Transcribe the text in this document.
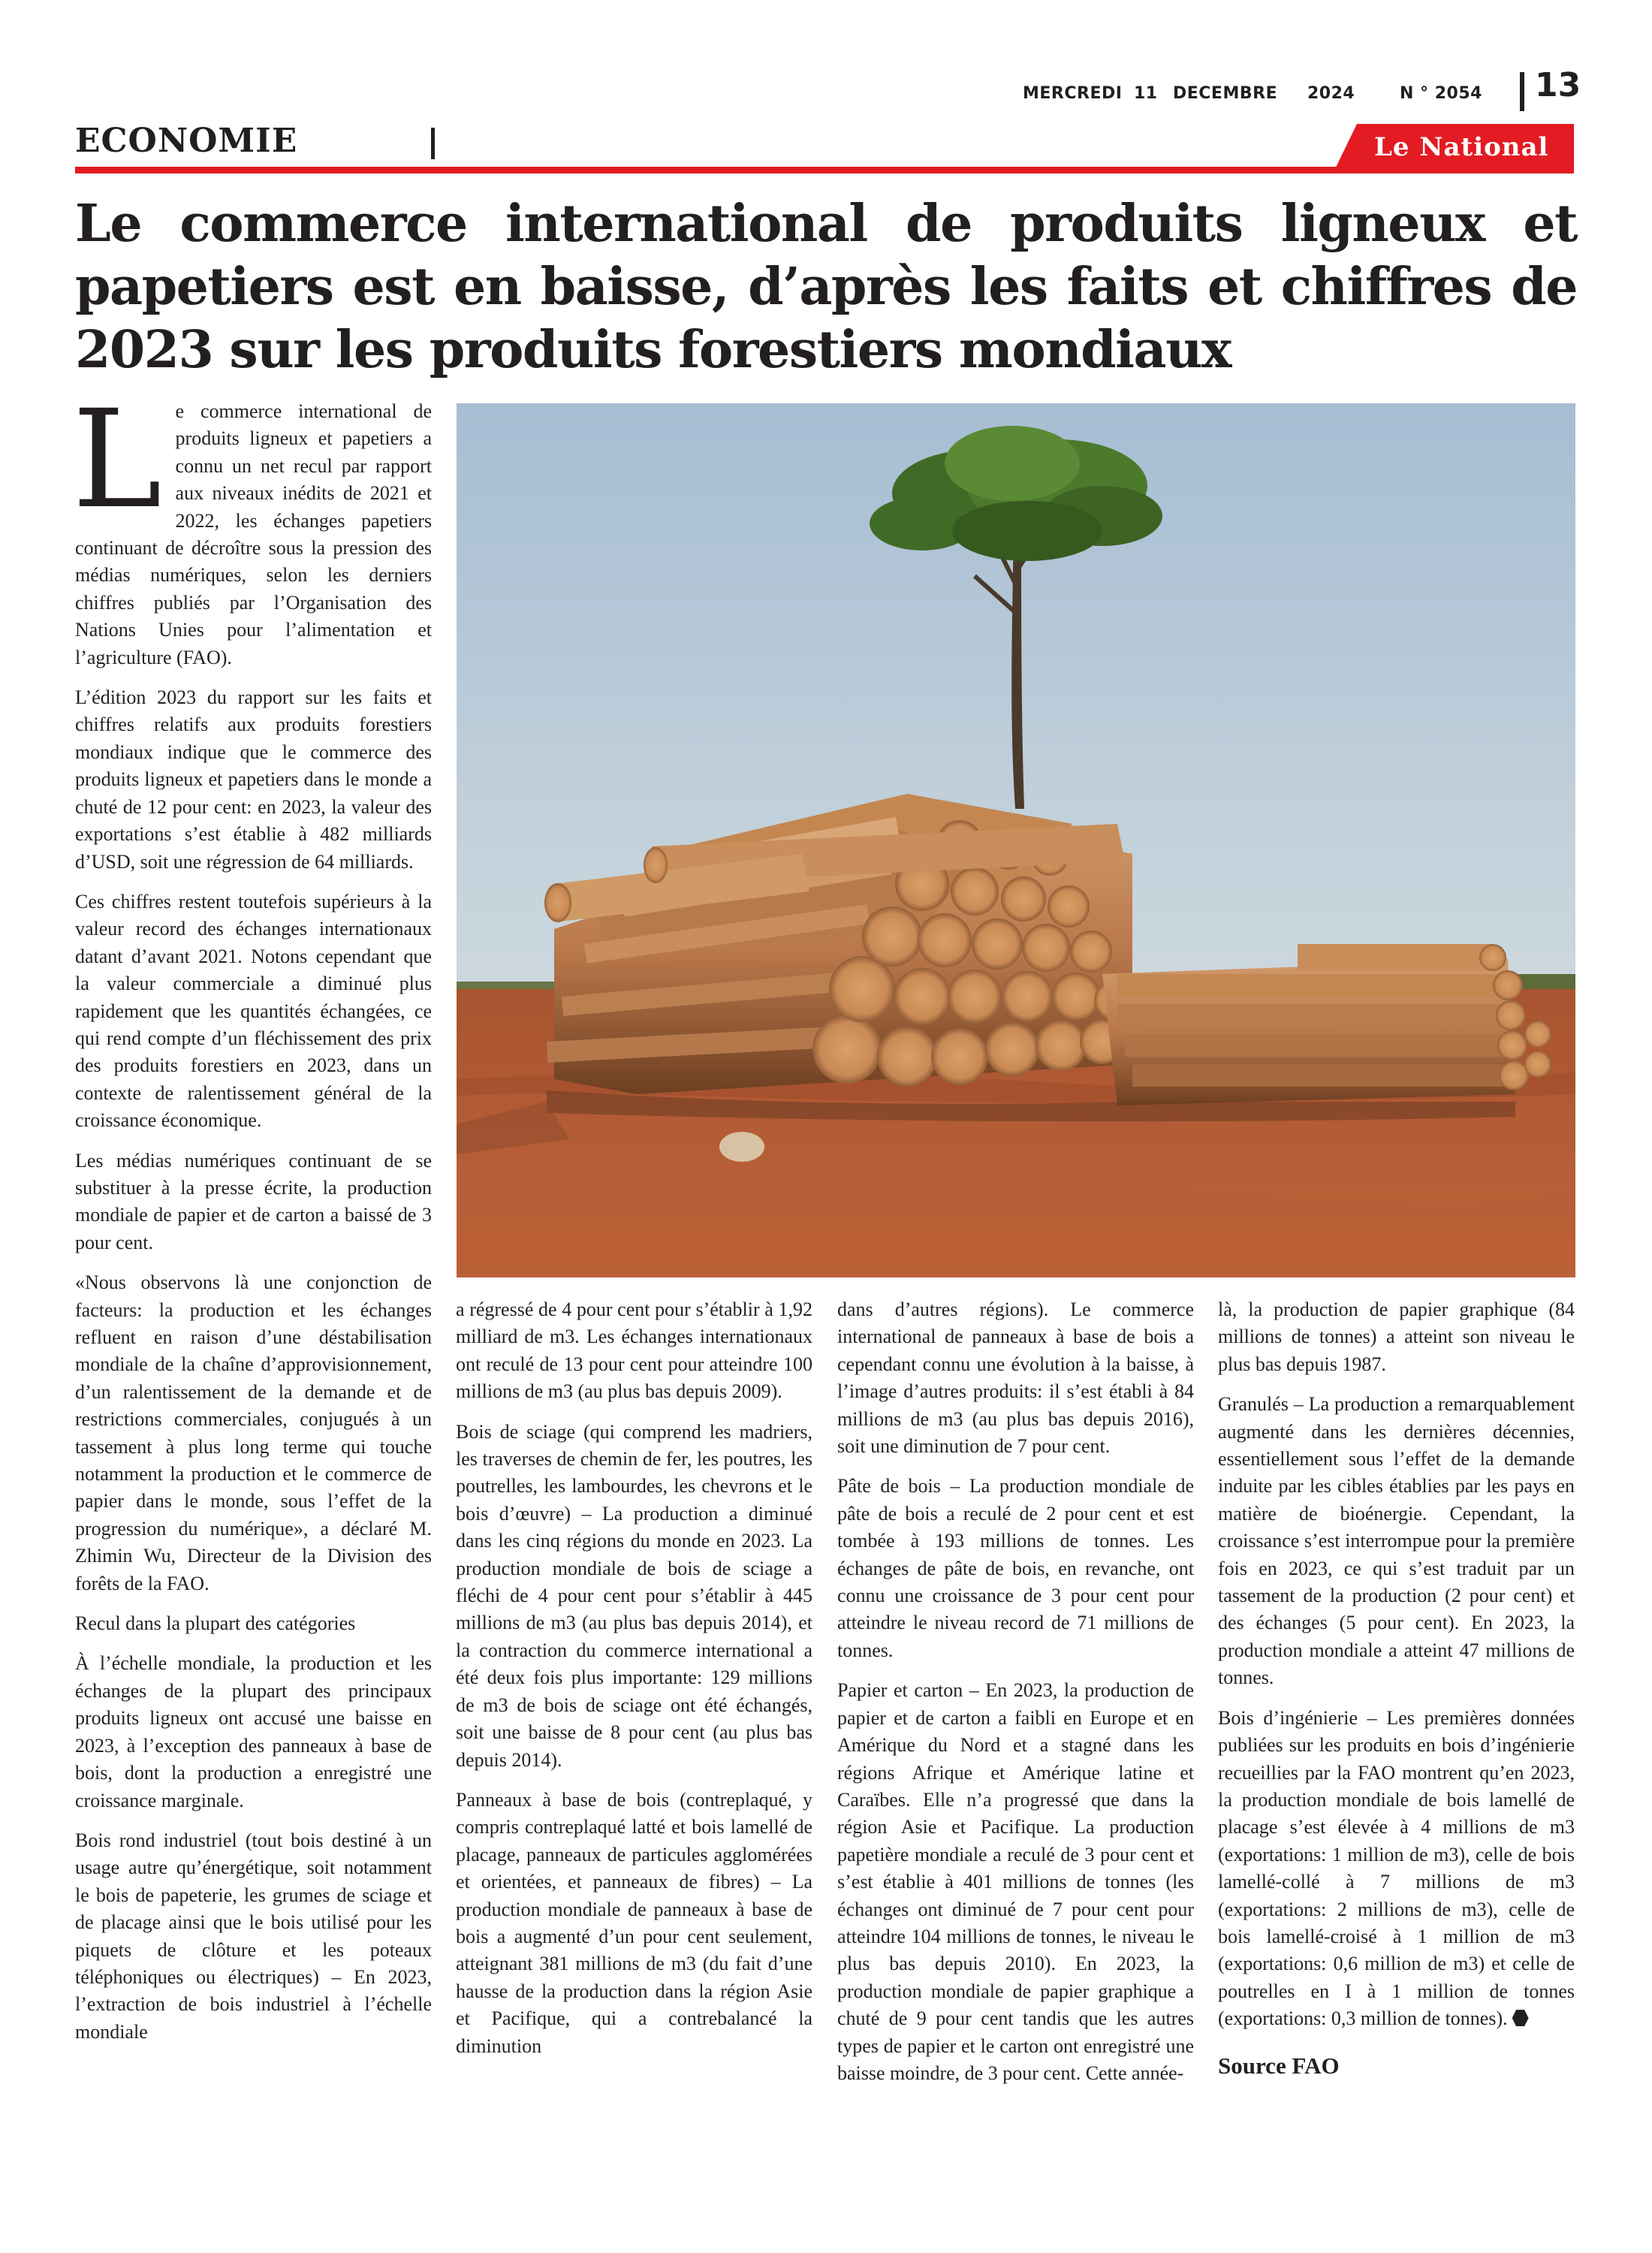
MERCREDI 11 DECEMBRE 2024	N ° 2054 13
ECONOMIE	Le National
Le commerce international de produits ligneux et papetiers est en baisse, d’après les faits et chiffres de 2023 sur les produits forestiers mondiaux

Le commerce international de produits ligneux et papetiers a connu un net recul par rapport aux niveaux inédits de 2021 et 2022, les échanges papetiers continuant de décroître sous la pression des médias numériques, selon les derniers chiffres publiés par l’Organisation des Nations Unies pour l’alimentation et l’agriculture (FAO).

L’édition 2023 du rapport sur les faits et chiffres relatifs aux produits forestiers mondiaux indique que le commerce des produits ligneux et papetiers dans le monde a chuté de 12 pour cent: en 2023, la valeur des exportations s’est établie à 482 milliards d’USD, soit une régression de 64 milliards.

Ces chiffres restent toutefois supérieurs à la valeur record des échanges internationaux datant d’avant 2021. Notons cependant que la valeur commerciale a diminué plus rapidement que les quantités échangées, ce qui rend compte d’un fléchissement des prix des produits forestiers en 2023, dans un contexte de ralentissement général de la croissance économique.

Les médias numériques continuant de se substituer à la presse écrite, la production mondiale de papier et de carton a baissé de 3 pour cent.

«Nous observons là une conjonction de facteurs: la production et les échanges refluent en raison d’une déstabilisation mondiale de la chaîne d’approvisionnement, d’un ralentissement de la demande et de restrictions commerciales, conjugués à un tassement à plus long terme qui touche notamment la production et le commerce de papier dans le monde, sous l’effet de la progression du numérique», a déclaré M. Zhimin Wu, Directeur de la Division des forêts de la FAO.

Recul dans la plupart des catégories

À l’échelle mondiale, la production et les échanges de la plupart des principaux produits ligneux ont accusé une baisse en 2023, à l’exception des panneaux à base de bois, dont la production a enregistré une croissance marginale.

Bois rond industriel (tout bois destiné à un usage autre qu’énergétique, soit notamment le bois de papeterie, les grumes de sciage et de placage ainsi que le bois utilisé pour les piquets de clôture et les poteaux téléphoniques ou électriques) – En 2023, l’extraction de bois industriel à l’échelle mondiale

a régressé de 4 pour cent pour s’établir à 1,92 milliard de m3. Les échanges internationaux ont reculé de 13 pour cent pour atteindre 100 millions de m3 (au plus bas depuis 2009).

Bois de sciage (qui comprend les madriers, les traverses de chemin de fer, les poutres, les poutrelles, les lambourdes, les chevrons et le bois d’œuvre) – La production a diminué dans les cinq régions du monde en 2023. La production mondiale de bois de sciage a fléchi de 4 pour cent pour s’établir à 445 millions de m3 (au plus bas depuis 2014), et la contraction du commerce international a été deux fois plus importante: 129 millions de m3 de bois de sciage ont été échangés, soit une baisse de 8 pour cent (au plus bas depuis 2014).

Panneaux à base de bois (contreplaqué, y compris contreplaqué latté et bois lamellé de placage, panneaux de particules agglomérées et orientées, et panneaux de fibres) – La production mondiale de panneaux à base de bois a augmenté d’un pour cent seulement, atteignant 381 millions de m3 (du fait d’une hausse de la production dans la région Asie et Pacifique, qui a contrebalancé la diminution

dans d’autres régions). Le commerce international de panneaux à base de bois a cependant connu une évolution à la baisse, à l’image d’autres produits: il s’est établi à 84 millions de m3 (au plus bas depuis 2016), soit une diminution de 7 pour cent.

Pâte de bois – La production mondiale de pâte de bois a reculé de 2 pour cent et est tombée à 193 millions de tonnes. Les échanges de pâte de bois, en revanche, ont connu une croissance de 3 pour cent pour atteindre le niveau record de 71 millions de tonnes.

Papier et carton – En 2023, la production de papier et de carton a faibli en Europe et en Amérique du Nord et a stagné dans les régions Afrique et Amérique latine et Caraïbes. Elle n’a progressé que dans la région Asie et Pacifique. La production papetière mondiale a reculé de 3 pour cent et s’est établie à 401 millions de tonnes (les échanges ont diminué de 7 pour cent pour atteindre 104 millions de tonnes, le niveau le plus bas depuis 2010). En 2023, la production mondiale de papier graphique a chuté de 9 pour cent tandis que les autres types de papier et le carton ont enregistré une baisse moindre, de 3 pour cent. Cette année-

là, la production de papier graphique (84 millions de tonnes) a atteint son niveau le plus bas depuis 1987.

Granulés – La production a remarquablement augmenté dans les dernières décennies, essentiellement sous l’effet de la demande induite par les cibles établies par les pays en matière de bioénergie. Cependant, la croissance s’est interrompue pour la première fois en 2023, ce qui s’est traduit par un tassement de la production (2 pour cent) et des échanges (5 pour cent). En 2023, la production mondiale a atteint 47 millions de tonnes.

Bois d’ingénierie – Les premières données publiées sur les produits en bois d’ingénierie recueillies par la FAO montrent qu’en 2023, la production mondiale de bois lamellé de placage s’est élevée à 4 millions de m3 (exportations: 1 million de m3), celle de bois lamellé-collé à 7 millions de m3 (exportations: 2 millions de m3), celle de bois lamellé-croisé à 1 million de m3 (exportations: 0,6 million de m3) et celle de poutrelles en I à 1 million de tonnes (exportations: 0,3 million de tonnes).

Source FAO
